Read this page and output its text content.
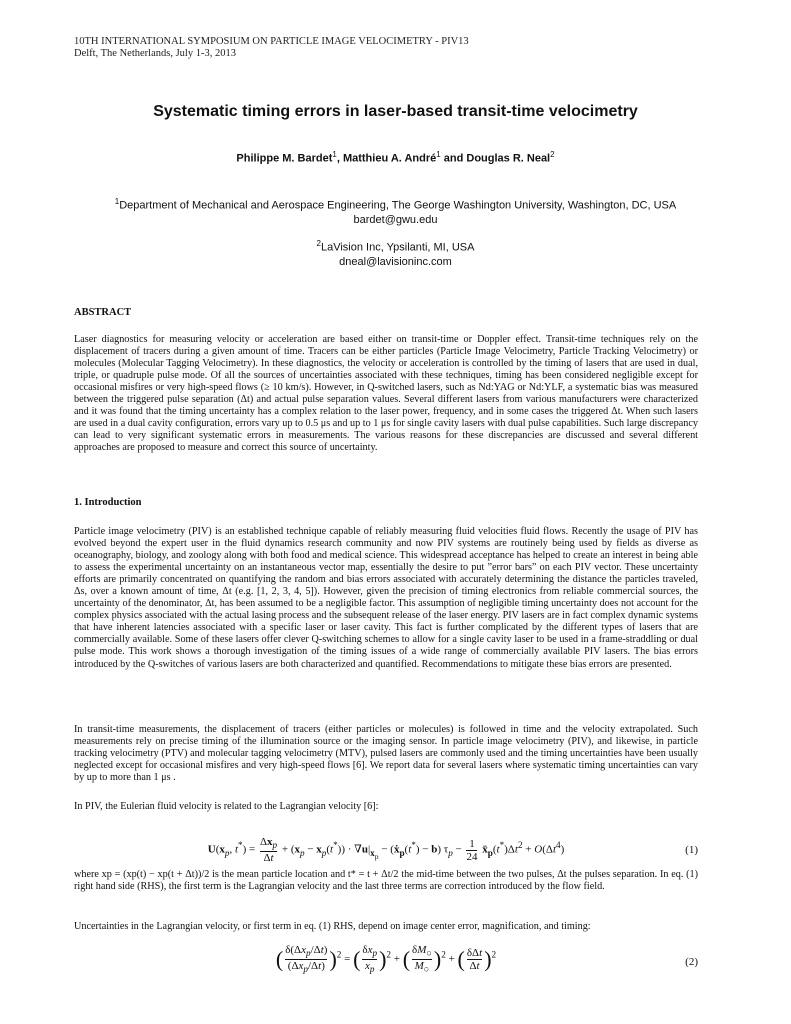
10TH INTERNATIONAL SYMPOSIUM ON PARTICLE IMAGE VELOCIMETRY - PIV13
Delft, The Netherlands, July 1-3, 2013
Systematic timing errors in laser-based transit-time velocimetry
Philippe M. Bardet$^1$, Matthieu A. André$^1$ and Douglas R. Neal$^2$
$^1$Department of Mechanical and Aerospace Engineering, The George Washington University, Washington, DC, USA
bardet@gwu.edu
$^2$LaVision Inc, Ypsilanti, MI, USA
dneal@lavisioninc.com
ABSTRACT

Laser diagnostics for measuring velocity or acceleration are based either on transit-time or Doppler effect. Transit-time techniques rely on the displacement of tracers during a given amount of time. Tracers can be either particles (Particle Image Velocimetry, Particle Tracking Velocimetry) or molecules (Molecular Tagging Velocimetry). In these diagnostics, the velocity or acceleration is controlled by the timing of lasers that are used in dual, triple, or quadruple pulse mode. Of all the sources of uncertainties associated with these techniques, timing has been considered negligible except for occasional misfires or very high-speed flows (≥ 10 km/s). However, in Q-switched lasers, such as Nd:YAG or Nd:YLF, a systematic bias was measured between the triggered pulse separation (Δt) and actual pulse separation values. Several different lasers from various manufacturers were characterized and it was found that the timing uncertainty has a complex relation to the laser power, frequency, and in some cases the triggered Δt. When such lasers are used in a dual cavity configuration, errors vary up to 0.5 μs and up to 1 μs for single cavity lasers with dual pulse capabilities. Such large discrepancy can lead to very significant systematic errors in measurements. The various reasons for these discrepancies are discussed and several different approaches are proposed to measure and correct this source of uncertainty.

1. Introduction

Particle image velocimetry (PIV) is an established technique capable of reliably measuring fluid velocities fluid flows. Recently the usage of PIV has evolved beyond the expert user in the fluid dynamics research community and now PIV systems are routinely being used by fields as diverse as oceanography, biology, and zoology along with both food and medical science. This widespread acceptance has helped to create an interest in being able to assess the experimental uncertainty on an instantaneous vector map, essentially the desire to put ”error bars” on each PIV vector. These uncertainty efforts are primarily concentrated on quantifying the random and bias errors associated with accurately determining the distance the particles traveled, Δs, over a known amount of time, Δt (e.g. [1, 2, 3, 4, 5]). However, given the precision of timing electronics from reliable commercial sources, the uncertainty of the denominator, Δt, has been assumed to be a negligible factor. This assumption of negligible timing uncertainty does not account for the complex physics associated with the actual lasing process and the subsequent release of the laser energy. PIV lasers are in fact complex dynamic systems that have inherent latencies associated with a specific laser or laser cavity. This fact is further complicated by the different types of lasers that are commercially available. Some of these lasers offer clever Q-switching schemes to allow for a single cavity laser to be used in a frame-straddling or dual pulse mode. This work shows a thorough investigation of the timing issues of a wide range of commercially available PIV lasers. The bias errors introduced by the Q-switches of various lasers are both characterized and quantified. Recommendations to mitigate these bias errors are presented.

In transit-time measurements, the displacement of tracers (either particles or molecules) is followed in time and the velocity extrapolated. Such measurements rely on precise timing of the illumination source or the imaging sensor. In particle image velocimetry (PIV), and likewise, in particle tracking velocimetry (PTV) and molecular tagging velocimetry (MTV), pulsed lasers are commonly used and the timing uncertainties have been usually neglected except for occasional misfires and very high-speed flows [6]. We report data for several lasers where systematic timing uncertainties can vary by up to more than 1 μs .

In PIV, the Eulerian fluid velocity is related to the Lagrangian velocity [6]:

$U(x_p$, $t^*) = \frac{\Delta x_p}{\Delta t} + (x_p - x_p(t^*)) \cdot \nabla u|_{x_p}$ − (ẋ$_p$(t*) − b) $\tau_p - \frac{1}{24}$ $ẍ_p(t^*)\Delta t^2 + O(\Delta t^4)$	(1)

where xp = (xp(t) − xp(t + Δt))/2 is the mean particle location and t* = t + Δt/2 the mid-time between the two pulses, Δt the pulses separation. In eq. (1) right hand side (RHS), the first term is the Lagrangian velocity and the last three terms are correction introduced by the flow field.

Uncertainties in the Lagrangian velocity, or first term in eq. (1) RHS, depend on image center error, magnification, and timing:

( $\frac{\delta(\Delta x_p/\Delta t)}{(\Delta x_p/\Delta t)} )^2$ = ( $\frac{\delta x_p}{x_p} )^2$ + ( $\frac{\delta M_○}{M_○} )^2$ + ( $\frac{\text{δΔt}}{\Delta t} )^2$
(2)
